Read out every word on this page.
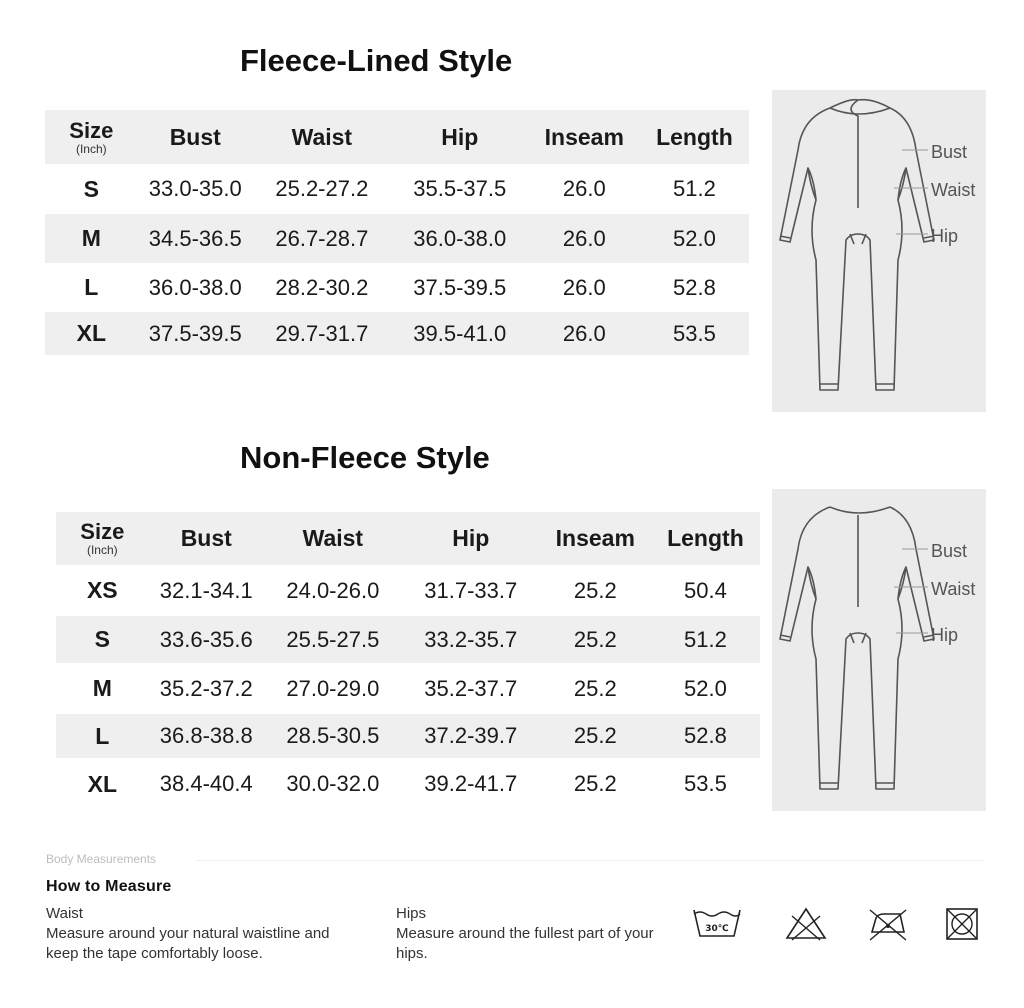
Fleece-Lined Style
Size
(Inch)	Bust	Waist	Hip	Inseam	Length
S	33.0-35.0	25.2-27.2	35.5-37.5	26.0	51.2
M	34.5-36.5	26.7-28.7	36.0-38.0	26.0	52.0
L	36.0-38.0	28.2-30.2	37.5-39.5	26.0	52.8
XL	37.5-39.5	29.7-31.7	39.5-41.0	26.0	53.5
Bust
Waist
Hip
Non-Fleece Style
Size
(Inch)	Bust	Waist	Hip	Inseam	Length
XS	32.1-34.1	24.0-26.0	31.7-33.7	25.2	50.4
S	33.6-35.6	25.5-27.5	33.2-35.7	25.2	51.2
M	35.2-37.2	27.0-29.0	35.2-37.7	25.2	52.0
L	36.8-38.8	28.5-30.5	37.2-39.7	25.2	52.8
XL	38.4-40.4	30.0-32.0	39.2-41.7	25.2	53.5
Bust
Waist
Hip
Body Measurements
How to Measure
Waist
Measure around your natural waistline and keep the tape comfortably loose.
Hips
Measure around the fullest part of your hips.
30℃
